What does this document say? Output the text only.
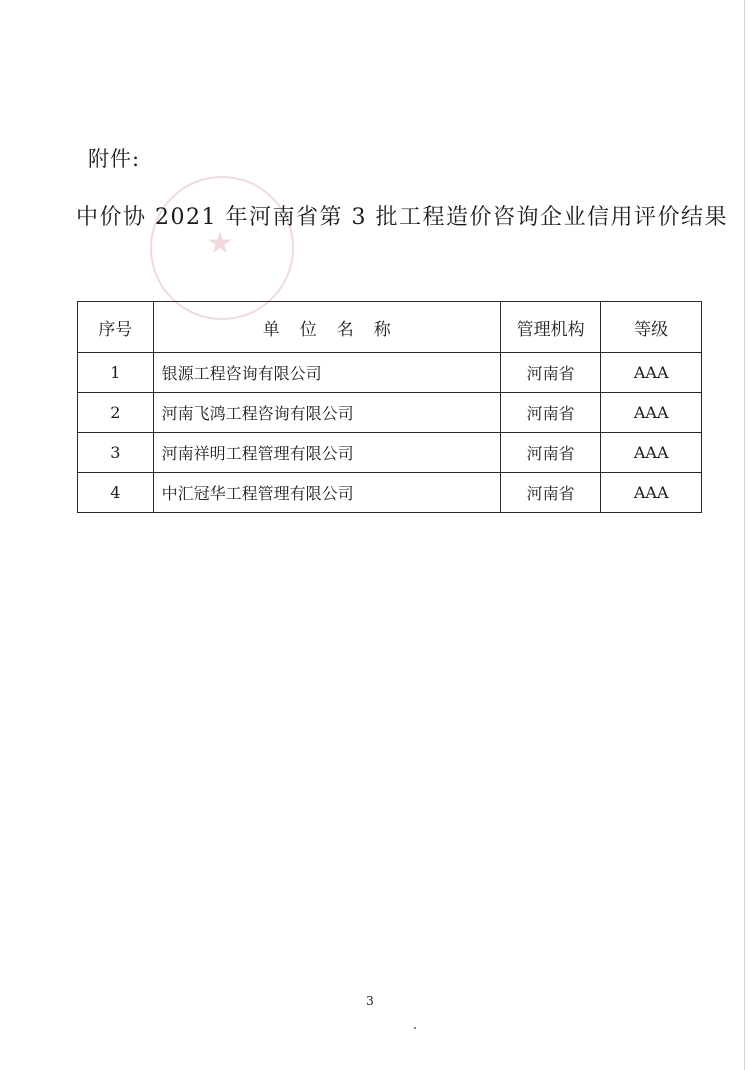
★
附件:
中价协 2021 年河南省第 3 批工程造价咨询企业信用评价结果
序号	单位名称	管理机构	等级
1	银源工程咨询有限公司	河南省	AAA
2	河南飞鸿工程咨询有限公司	河南省	AAA
3	河南祥明工程管理有限公司	河南省	AAA
4	中汇冠华工程管理有限公司	河南省	AAA
3
